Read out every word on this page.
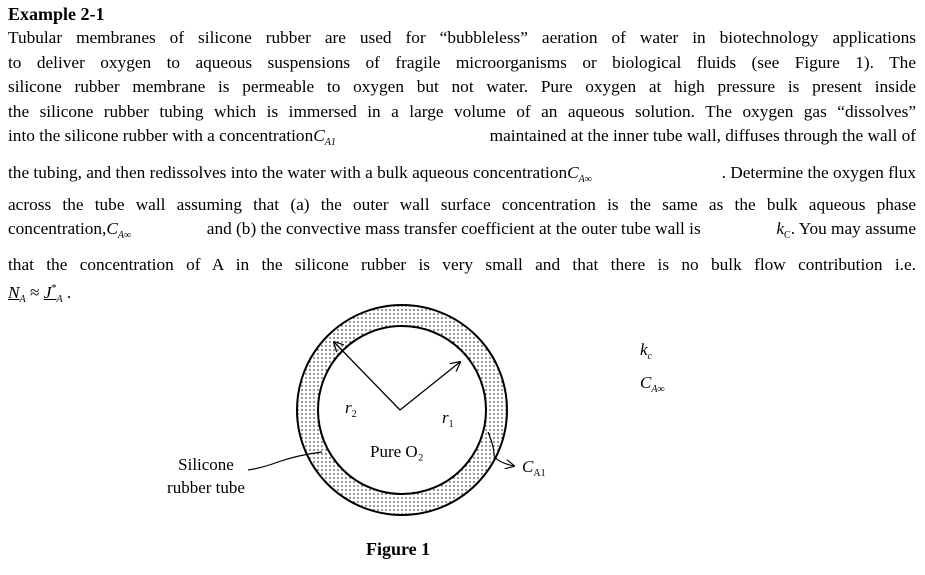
Example 2-1
Tubular membranes of silicone rubber are used for “bubbleless” aeration of water in biotechnology applications
to deliver oxygen to aqueous suspensions of fragile microorganisms or biological fluids (see Figure 1). The
silicone rubber membrane is permeable to oxygen but not water. Pure oxygen at high pressure is present inside
the silicone rubber tubing which is immersed in a large volume of an aqueous solution. The oxygen gas “dissolves”
into the silicone rubber with a concentration $C_{A1}$	maintained at the inner tube wall, diffuses through the wall of
the tubing, and then redissolves into the water with a bulk aqueous concentration $C_{A\infty}$	. Determine the oxygen flux
across the tube wall assuming that (a) the outer wall surface concentration is the same as the bulk aqueous phase
concentration, $C_{A\infty}$	and (b) the convective mass transfer coefficient at the outer tube wall is	$k_C$ . You may assume
that the concentration of A in the silicone rubber is very small and that there is no bulk flow contribution i.e.
$N_A \approx J^*_A$ .
$r_2$	$r_1$
Pure O₂
Silicone
rubber tube
$k_c$
$C_{A\infty}$
$C_{A1}$
Figure 1
